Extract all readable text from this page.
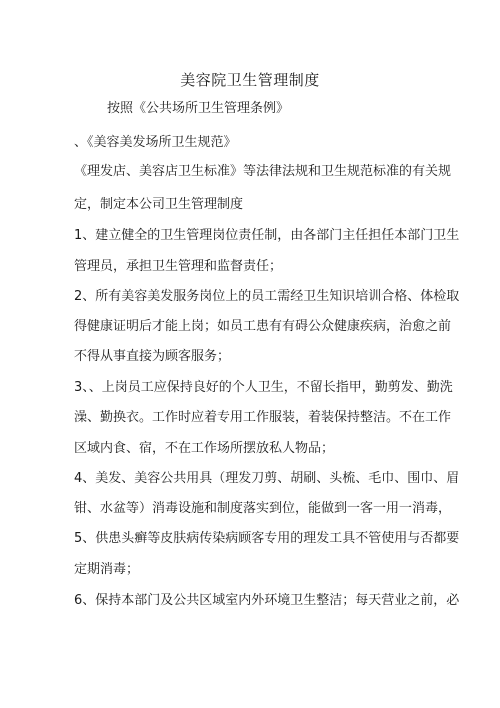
美容院卫生管理制度
按照《公共场所卫生管理条例》
、《美容美发场所卫生规范》
《理发店、美容店卫生标准》等法律法规和卫生规范标准的有关规
定，制定本公司卫生管理制度
1、建立健全的卫生管理岗位责任制，由各部门主任担任本部门卫生
管理员，承担卫生管理和监督责任；
2、所有美容美发服务岗位上的员工需经卫生知识培训合格、体检取
得健康证明后才能上岗；如员工患有有碍公众健康疾病，治愈之前
不得从事直接为顾客服务；
3、、上岗员工应保持良好的个人卫生，不留长指甲，勤剪发、勤洗
澡、勤换衣。工作时应着专用工作服装，着装保持整洁。不在工作
区域内食、宿，不在工作场所摆放私人物品；
4、美发、美容公共用具（理发刀剪、胡刷、头梳、毛巾、围巾、眉
钳、水盆等）消毒设施和制度落实到位，能做到一客一用一消毒，
5、供患头癣等皮肤病传染病顾客专用的理发工具不管使用与否都要
定期消毒；
6、保持本部门及公共区域室内外环境卫生整洁；每天营业之前，必
